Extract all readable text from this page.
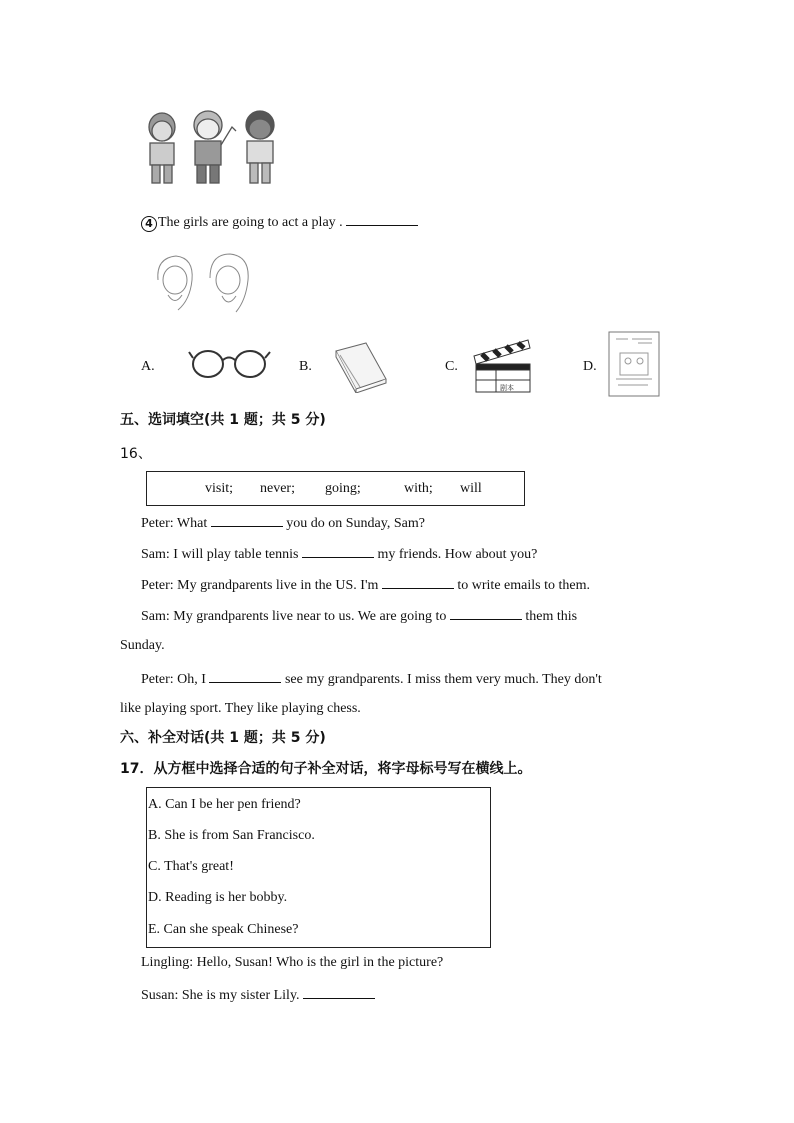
4 The girls are going to act a play .
A.	B.	C.
剧本
D.
五、选词填空(共 1 题；共 5 分)
16、
visit; never; going;	with; will
Peter: What	you do on Sunday, Sam?
Sam: I will play table tennis	my friends. How about you?
Peter: My grandparents live in the US. I'm	to write emails to them.
Sam: My grandparents live near to us. We are going to	them this
Sunday.
Peter: Oh, I	see my grandparents. I miss them very much. They don't
like playing sport. They like playing chess.
六、补全对话(共 1 题；共 5 分)
17．从方框中选择合适的句子补全对话，将字母标号写在横线上。
A. Can I be her pen friend?
B. She is from San Francisco.
C. That's great!
D. Reading is her bobby.
E. Can she speak Chinese?
Lingling: Hello, Susan! Who is the girl in the picture?
Susan: She is my sister Lily.
